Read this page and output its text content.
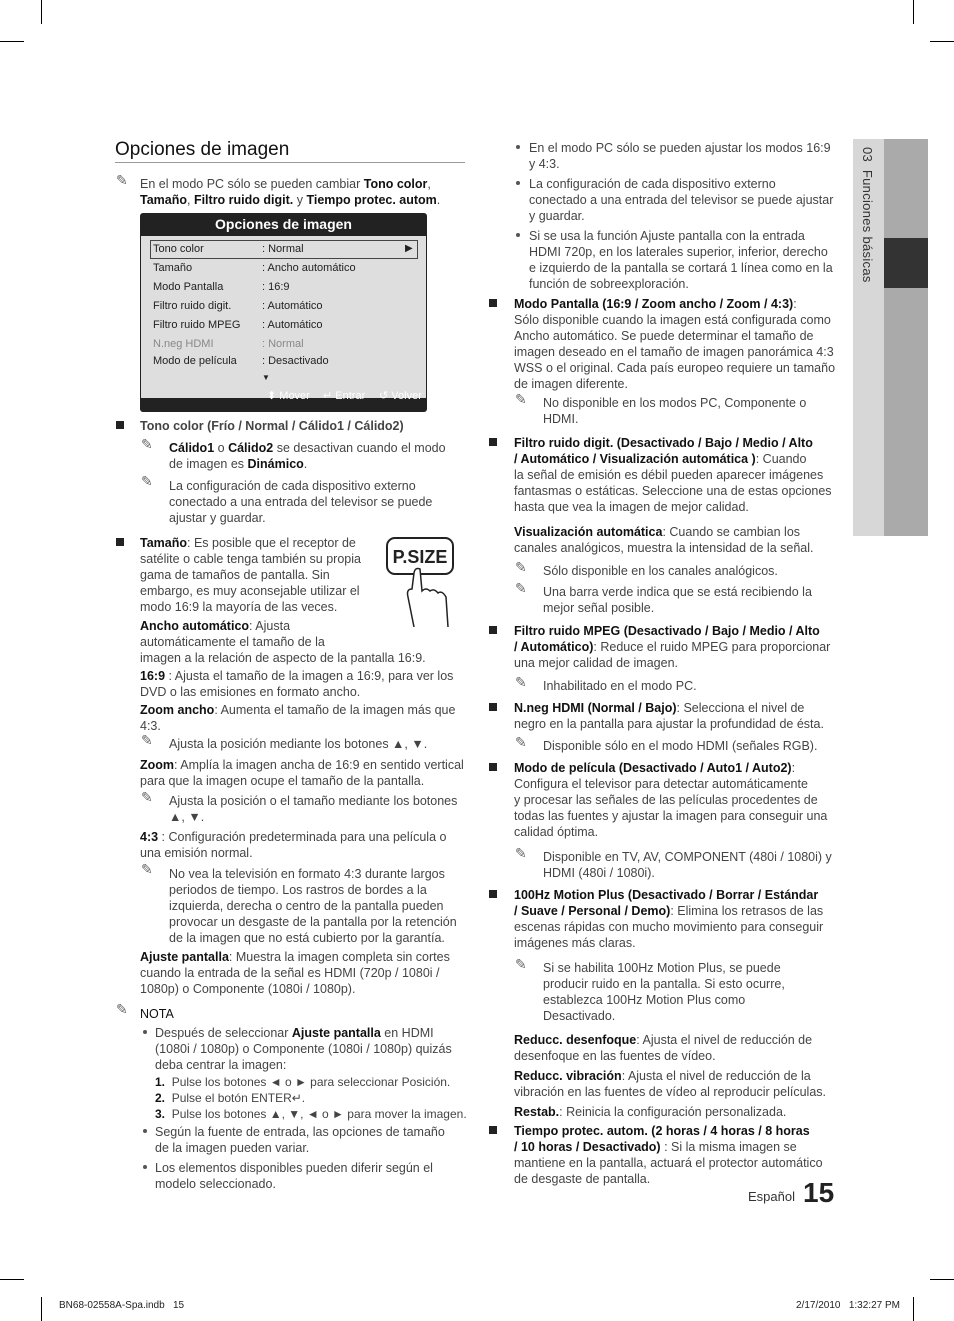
03  Funciones básicas
Opciones de imagen
✎ En el modo PC sólo se pueden cambiar Tono color,
Tamaño, Filtro ruido digit. y Tiempo protec. autom.
Opciones de imagen
Tono color	: Normal	▶
Tamaño	: Ancho automático
Modo Pantalla	: 16:9
Filtro ruido digit.	: Automático
Filtro ruido MPEG : Automático
N.neg HDMI	: Normal
Modo de película : Desactivado
▼
⬍ Mover ↵ Entrar ↺ Volver
Tono color (Frío / Normal / Cálido1 / Cálido2)
✎ Cálido1 o Cálido2 se desactivan cuando el modo
de imagen es Dinámico.
✎ La configuración de cada dispositivo externo
conectado a una entrada del televisor se puede
ajustar y guardar.
Tamaño: Es posible que el receptor de
satélite o cable tenga también su propia
gama de tamaños de pantalla. Sin
embargo, es muy aconsejable utilizar el
modo 16:9 la mayoría de las veces.
P.SIZE
Ancho automático: Ajusta
automáticamente el tamaño de la
imagen a la relación de aspecto de la pantalla 16:9.
16:9 : Ajusta el tamaño de la imagen a 16:9, para ver los
DVD o las emisiones en formato ancho.
Zoom ancho: Aumenta el tamaño de la imagen más que
4:3.
✎ Ajusta la posición mediante los botones ▲, ▼.
Zoom: Amplía la imagen ancha de 16:9 en sentido vertical
para que la imagen ocupe el tamaño de la pantalla.
✎ Ajusta la posición o el tamaño mediante los botones
▲, ▼.
4:3 : Configuración predeterminada para una película o
una emisión normal.
✎ No vea la televisión en formato 4:3 durante largos
periodos de tiempo. Los rastros de bordes a la
izquierda, derecha o centro de la pantalla pueden
provocar un desgaste de la pantalla por la retención
de la imagen que no está cubierto por la garantía.
Ajuste pantalla: Muestra la imagen completa sin cortes
cuando la entrada de la señal es HDMI (720p / 1080i /
1080p) o Componente (1080i / 1080p).
✎ NOTA
Después de seleccionar Ajuste pantalla en HDMI
(1080i / 1080p) o Componente (1080i / 1080p) quizás
deba centrar la imagen:
1. Pulse los botones ◄ o ► para seleccionar Posición.
2. Pulse el botón ENTER↵.
3. Pulse los botones ▲, ▼, ◄ o ► para mover la imagen.
Según la fuente de entrada, las opciones de tamaño
de la imagen pueden variar.
Los elementos disponibles pueden diferir según el
modelo seleccionado.
En el modo PC sólo se pueden ajustar los modos 16:9
y 4:3.
La configuración de cada dispositivo externo
conectado a una entrada del televisor se puede ajustar
y guardar.
Si se usa la función Ajuste pantalla con la entrada
HDMI 720p, en los laterales superior, inferior, derecho
e izquierdo de la pantalla se cortará 1 línea como en la
función de sobreexploración.
Modo Pantalla (16:9 / Zoom ancho / Zoom / 4:3):
Sólo disponible cuando la imagen está configurada como
Ancho automático. Se puede determinar el tamaño de
imagen deseado en el tamaño de imagen panorámica 4:3
WSS o el original. Cada país europeo requiere un tamaño
de imagen diferente.
✎ No disponible en los modos PC, Componente o
HDMI.
Filtro ruido digit. (Desactivado / Bajo / Medio / Alto
/ Automático / Visualización automática ): Cuando
la señal de emisión es débil pueden aparecer imágenes
fantasmas o estáticas. Seleccione una de estas opciones
hasta que vea la imagen de mejor calidad.
Visualización automática: Cuando se cambian los
canales analógicos, muestra la intensidad de la señal.
✎ Sólo disponible en los canales analógicos.
✎ Una barra verde indica que se está recibiendo la
mejor señal posible.
Filtro ruido MPEG (Desactivado / Bajo / Medio / Alto
/ Automático): Reduce el ruido MPEG para proporcionar
una mejor calidad de imagen.
✎ Inhabilitado en el modo PC.
N.neg HDMI (Normal / Bajo): Selecciona el nivel de
negro en la pantalla para ajustar la profundidad de ésta.
✎ Disponible sólo en el modo HDMI (señales RGB).
Modo de película (Desactivado / Auto1 / Auto2):
Configura el televisor para detectar automáticamente
y procesar las señales de las películas procedentes de
todas las fuentes y ajustar la imagen para conseguir una
calidad óptima.
✎ Disponible en TV, AV, COMPONENT (480i / 1080i) y
HDMI (480i / 1080i).
100Hz Motion Plus (Desactivado / Borrar / Estándar
/ Suave / Personal / Demo): Elimina los retrasos de las
escenas rápidas con mucho movimiento para conseguir
imágenes más claras.
✎ Si se habilita 100Hz Motion Plus, se puede
producir ruido en la pantalla. Si esto ocurre,
establezca 100Hz Motion Plus como
Desactivado.
Reducc. desenfoque: Ajusta el nivel de reducción de
desenfoque en las fuentes de vídeo.
Reducc. vibración: Ajusta el nivel de reducción de la
vibración en las fuentes de vídeo al reproducir películas.
Restab.: Reinicia la configuración personalizada.
Tiempo protec. autom. (2 horas / 4 horas / 8 horas
/ 10 horas / Desactivado) : Si la misma imagen se
mantiene en la pantalla, actuará el protector automático
de desgaste de pantalla.
Español 15
BN68-02558A-Spa.indb   15	2/17/2010   1:32:27 PM
